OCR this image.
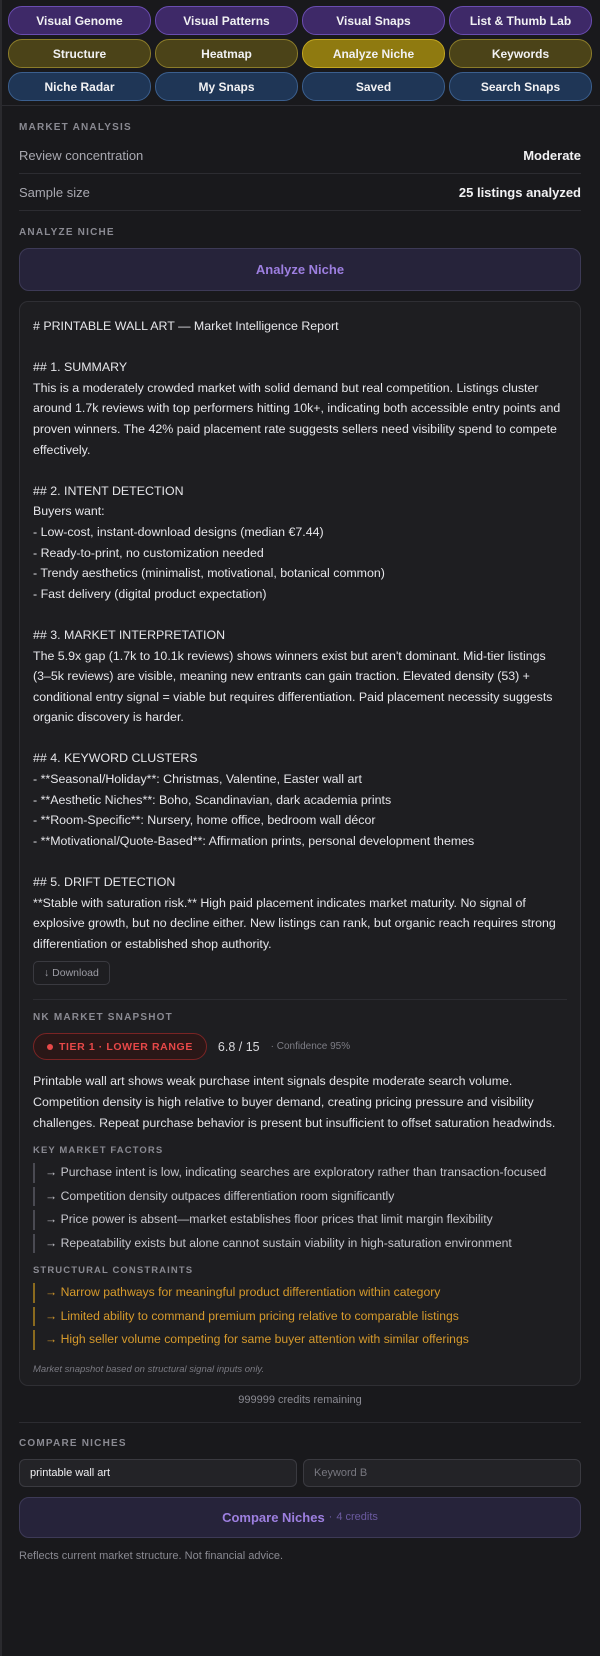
Visual Genome	Visual Patterns	Visual Snaps	List & Thumb Lab
Structure	Heatmap	Analyze Niche	Keywords
Niche Radar	My Snaps	Saved	Search Snaps
MARKET ANALYSIS
Review concentration	Moderate
Sample size	25 listings analyzed
ANALYZE NICHE
Analyze Niche

# PRINTABLE WALL ART — Market Intelligence Report

## 1. SUMMARY

This is a moderately crowded market with solid demand but real competition. Listings cluster around 1.7k reviews with top performers hitting 10k+, indicating both accessible entry points and proven winners. The 42% paid placement rate suggests sellers need visibility spend to compete effectively.

## 2. INTENT DETECTION

Buyers want:

- Low-cost, instant-download designs (median €7.44)

- Ready-to-print, no customization needed

- Trendy aesthetics (minimalist, motivational, botanical common)

- Fast delivery (digital product expectation)

## 3. MARKET INTERPRETATION

The 5.9x gap (1.7k to 10.1k reviews) shows winners exist but aren't dominant. Mid-tier listings (3–5k reviews) are visible, meaning new entrants can gain traction. Elevated density (53) + conditional entry signal = viable but requires differentiation. Paid placement necessity suggests organic discovery is harder.

## 4. KEYWORD CLUSTERS

- **Seasonal/Holiday**: Christmas, Valentine, Easter wall art

- **Aesthetic Niches**: Boho, Scandinavian, dark academia prints

- **Room-Specific**: Nursery, home office, bedroom wall décor

- **Motivational/Quote-Based**: Affirmation prints, personal development themes

## 5. DRIFT DETECTION

**Stable with saturation risk.** High paid placement indicates market maturity. No signal of explosive growth, but no decline either. New listings can rank, but organic reach requires strong differentiation or established shop authority.

↓ Download
NK MARKET SNAPSHOT
TIER 1 · LOWER RANGE 6.8 / 15 · Confidence 95%
Printable wall art shows weak purchase intent signals despite moderate search volume. Competition density is high relative to buyer demand, creating pricing pressure and visibility challenges. Repeat purchase behavior is present but insufficient to offset saturation headwinds.
KEY MARKET FACTORS
→ Purchase intent is low, indicating searches are exploratory rather than transaction-focused
→ Competition density outpaces differentiation room significantly
→ Price power is absent—market establishes floor prices that limit margin flexibility
→ Repeatability exists but alone cannot sustain viability in high-saturation environment
STRUCTURAL CONSTRAINTS
→ Narrow pathways for meaningful product differentiation within category
→ Limited ability to command premium pricing relative to comparable listings
→ High seller volume competing for same buyer attention with similar offerings
Market snapshot based on structural signal inputs only.
999999 credits remaining
COMPARE NICHES
printable wall art
Keyword B
Compare Niches · 4 credits
Reflects current market structure. Not financial advice.
